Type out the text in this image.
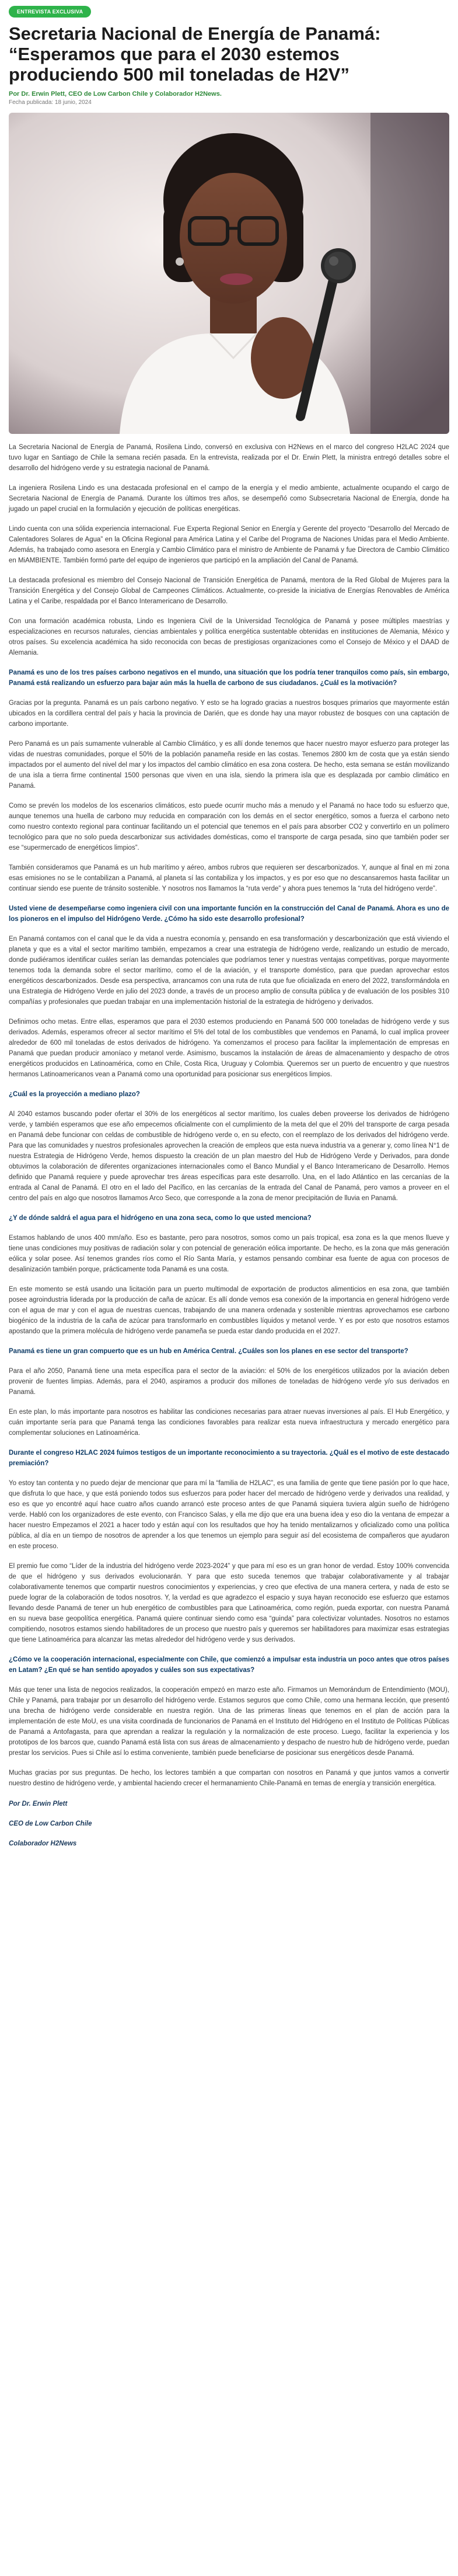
ENTREVISTA EXCLUSIVA
Secretaria Nacional de Energía de Panamá: “Esperamos que para el 2030 estemos produciendo 500 mil toneladas de H2V”
Por Dr. Erwin Plett, CEO de Low Carbon Chile y Colaborador H2News.
Fecha publicada: 18 junio, 2024

La Secretaria Nacional de Energía de Panamá, Rosilena Lindo, conversó en exclusiva con H2News en el marco del congreso H2LAC 2024 que tuvo lugar en Santiago de Chile la semana recién pasada. En la entrevista, realizada por el Dr. Erwin Plett, la ministra entregó detalles sobre el desarrollo del hidrógeno verde y su estrategia nacional de Panamá.

La ingeniera Rosilena Lindo es una destacada profesional en el campo de la energía y el medio ambiente, actualmente ocupando el cargo de Secretaria Nacional de Energía de Panamá. Durante los últimos tres años, se desempeñó como Subsecretaria Nacional de Energía, donde ha jugado un papel crucial en la formulación y ejecución de políticas energéticas.

Lindo cuenta con una sólida experiencia internacional. Fue Experta Regional Senior en Energía y Gerente del proyecto “Desarrollo del Mercado de Calentadores Solares de Agua” en la Oficina Regional para América Latina y el Caribe del Programa de Naciones Unidas para el Medio Ambiente. Además, ha trabajado como asesora en Energía y Cambio Climático para el ministro de Ambiente de Panamá y fue Directora de Cambio Climático en MiAMBIENTE. También formó parte del equipo de ingenieros que participó en la ampliación del Canal de Panamá.

La destacada profesional es miembro del Consejo Nacional de Transición Energética de Panamá, mentora de la Red Global de Mujeres para la Transición Energética y del Consejo Global de Campeones Climáticos. Actualmente, co-preside la iniciativa de Energías Renovables de América Latina y el Caribe, respaldada por el Banco Interamericano de Desarrollo.

Con una formación académica robusta, Lindo es Ingeniera Civil de la Universidad Tecnológica de Panamá y posee múltiples maestrías y especializaciones en recursos naturales, ciencias ambientales y política energética sustentable obtenidas en instituciones de Alemania, México y otros países. Su excelencia académica ha sido reconocida con becas de prestigiosas organizaciones como el Consejo de México y el DAAD de Alemania.

Panamá es uno de los tres países carbono negativos en el mundo, una situación que los podría tener tranquilos como país, sin embargo, Panamá está realizando un esfuerzo para bajar aún más la huella de carbono de sus ciudadanos. ¿Cuál es la motivación?

Gracias por la pregunta. Panamá es un país carbono negativo. Y esto se ha logrado gracias a nuestros bosques primarios que mayormente están ubicados en la cordillera central del país y hacia la provincia de Darién, que es donde hay una mayor robustez de bosques con una captación de carbono importante.

Pero Panamá es un país sumamente vulnerable al Cambio Climático, y es allí donde tenemos que hacer nuestro mayor esfuerzo para proteger las vidas de nuestras comunidades, porque el 50% de la población panameña reside en las costas. Tenemos 2800 km de costa que ya están siendo impactados por el aumento del nivel del mar y los impactos del cambio climático en esa zona costera. De hecho, esta semana se están movilizando de una isla a tierra firme continental 1500 personas que viven en una isla, siendo la primera isla que es desplazada por cambio climático en Panamá.

Como se prevén los modelos de los escenarios climáticos, esto puede ocurrir mucho más a menudo y el Panamá no hace todo su esfuerzo que, aunque tenemos una huella de carbono muy reducida en comparación con los demás en el sector energético, somos a fuerza el carbono neto como nuestro contexto regional para continuar facilitando un el potencial que tenemos en el país para absorber CO2 y convertirlo en un polímero tecnológico para que no solo pueda descarbonizar sus actividades domésticas, como el transporte de carga pesada, sino que también poder ser ese “supermercado de energéticos limpios”.

También consideramos que Panamá es un hub marítimo y aéreo, ambos rubros que requieren ser descarbonizados. Y, aunque al final en mi zona esas emisiones no se le contabilizan a Panamá, al planeta sí las contabiliza y los impactos, y es por eso que no descansaremos hasta facilitar un continuar siendo ese puente de tránsito sostenible. Y nosotros nos llamamos la “ruta verde” y ahora pues tenemos la “ruta del hidrógeno verde”.

Usted viene de desempeñarse como ingeniera civil con una importante función en la construcción del Canal de Panamá. Ahora es uno de los pioneros en el impulso del Hidrógeno Verde. ¿Cómo ha sido este desarrollo profesional?

En Panamá contamos con el canal que le da vida a nuestra economía y, pensando en esa transformación y descarbonización que está viviendo el planeta y que es a vital el sector marítimo también, empezamos a crear una estrategia de hidrógeno verde, realizando un estudio de mercado, donde pudiéramos identificar cuáles serían las demandas potenciales que podríamos tener y nuestras ventajas competitivas, porque mayormente tenemos toda la demanda sobre el sector marítimo, como el de la aviación, y el transporte doméstico, para que puedan aprovechar estos energéticos descarbonizados. Desde esa perspectiva, arrancamos con una ruta de ruta que fue oficializada en enero del 2022, transformándola en una Estrategia de Hidrógeno Verde en julio del 2023 donde, a través de un proceso amplio de consulta pública y de evaluación de los posibles 310 compañías y profesionales que puedan trabajar en una implementación historial de la estrategia de hidrógeno y derivados.

Definimos ocho metas. Entre ellas, esperamos que para el 2030 estemos produciendo en Panamá 500 000 toneladas de hidrógeno verde y sus derivados. Además, esperamos ofrecer al sector marítimo el 5% del total de los combustibles que vendemos en Panamá, lo cual implica proveer alrededor de 600 mil toneladas de estos derivados de hidrógeno. Ya comenzamos el proceso para facilitar la implementación de empresas en Panamá que puedan producir amoníaco y metanol verde. Asimismo, buscamos la instalación de áreas de almacenamiento y despacho de otros energéticos producidos en Latinoamérica, como en Chile, Costa Rica, Uruguay y Colombia. Queremos ser un puerto de encuentro y que nuestros hermanos Latinoamericanos vean a Panamá como una oportunidad para posicionar sus energéticos limpios.

¿Cuál es la proyección a mediano plazo?

Al 2040 estamos buscando poder ofertar el 30% de los energéticos al sector marítimo, los cuales deben proveerse los derivados de hidrógeno verde, y también esperamos que ese año empecemos oficialmente con el cumplimiento de la meta del que el 20% del transporte de carga pesada en Panamá debe funcionar con celdas de combustible de hidrógeno verde o, en su efecto, con el reemplazo de los derivados del hidrógeno verde. Para que las comunidades y nuestros profesionales aprovechen la creación de empleos que esta nueva industria va a generar y, como línea N°1 de nuestra Estrategia de Hidrógeno Verde, hemos dispuesto la creación de un plan maestro del Hub de Hidrógeno Verde y Derivados, para donde obtuvimos la colaboración de diferentes organizaciones internacionales como el Banco Mundial y el Banco Interamericano de Desarrollo. Hemos definido que Panamá requiere y puede aprovechar tres áreas específicas para este desarrollo. Una, en el lado Atlántico en las cercanías de la entrada al Canal de Panamá. El otro en el lado del Pacífico, en las cercanías de la entrada del Canal de Panamá, pero vamos a proveer en el centro del país en algo que nosotros llamamos Arco Seco, que corresponde a la zona de menor precipitación de lluvia en Panamá.

¿Y de dónde saldrá el agua para el hidrógeno en una zona seca, como lo que usted menciona?

Estamos hablando de unos 400 mm/año. Eso es bastante, pero para nosotros, somos como un país tropical, esa zona es la que menos llueve y tiene unas condiciones muy positivas de radiación solar y con potencial de generación eólica importante. De hecho, es la zona que más generación eólica y solar posee. Así tenemos grandes ríos como el Río Santa María, y estamos pensando combinar esa fuente de agua con procesos de desalinización también porque, prácticamente toda Panamá es una costa.

En este momento se está usando una licitación para un puerto multimodal de exportación de productos alimenticios en esa zona, que también posee agroindustria liderada por la producción de caña de azúcar. Es allí donde vemos esa conexión de la importancia en general hidrógeno verde con el agua de mar y con el agua de nuestras cuencas, trabajando de una manera ordenada y sostenible mientras aprovechamos ese carbono biogénico de la industria de la caña de azúcar para transformarlo en combustibles líquidos y metanol verde. Y es por esto que nosotros estamos apostando que la primera molécula de hidrógeno verde panameña se pueda estar dando producida en el 2027.

Panamá es tiene un gran compuerto que es un hub en América Central. ¿Cuáles son los planes en ese sector del transporte?

Para el año 2050, Panamá tiene una meta específica para el sector de la aviación: el 50% de los energéticos utilizados por la aviación deben provenir de fuentes limpias. Además, para el 2040, aspiramos a producir dos millones de toneladas de hidrógeno verde y/o sus derivados en Panamá.

En este plan, lo más importante para nosotros es habilitar las condiciones necesarias para atraer nuevas inversiones al país. El Hub Energético, y cuán importante sería para que Panamá tenga las condiciones favorables para realizar esta nueva infraestructura y mercado energético para complementar soluciones en Latinoamérica.

Durante el congreso H2LAC 2024 fuimos testigos de un importante reconocimiento a su trayectoria. ¿Quál es el motivo de este destacado premiación?

Yo estoy tan contenta y no puedo dejar de mencionar que para mí la “familia de H2LAC”, es una familia de gente que tiene pasión por lo que hace, que disfruta lo que hace, y que está poniendo todos sus esfuerzos para poder hacer del mercado de hidrógeno verde y derivados una realidad, y eso es que yo encontré aquí hace cuatro años cuando arrancó este proceso antes de que Panamá siquiera tuviera algún sueño de hidrógeno verde. Habló con los organizadores de este evento, con Francisco Salas, y ella me dijo que era una buena idea y eso dio la ventana de empezar a hacer nuestro Empezamos el 2021 a hacer todo y están aquí con los resultados que hoy ha tenido mentalizarnos y oficializado como una política pública, al día en un tiempo de nosotros de aprender a los que tenemos un ejemplo para seguir así del ecosistema de compañeros que ayudaron en este proceso.

El premio fue como “Líder de la industria del hidrógeno verde 2023-2024” y que para mí eso es un gran honor de verdad. Estoy 100% convencida de que el hidrógeno y sus derivados evolucionarán. Y para que esto suceda tenemos que trabajar colaborativamente y al trabajar colaborativamente tenemos que compartir nuestros conocimientos y experiencias, y creo que efectiva de una manera certera, y nada de esto se puede lograr de la colaboración de todos nosotros. Y, la verdad es que agradezco el espacio y suya hayan reconocido ese esfuerzo que estamos llevando desde Panamá de tener un hub energético de combustibles para que Latinoamérica, como región, pueda exportar, con nuestra Panamá en su nueva base geopolítica energética. Panamá quiere continuar siendo como esa “guinda” para colectivizar voluntades. Nosotros no estamos compitiendo, nosotros estamos siendo habilitadores de un proceso que nuestro país y queremos ser habilitadores para maximizar esas estrategias que tiene Latinoamérica para alcanzar las metas alrededor del hidrógeno verde y sus derivados.

¿Cómo ve la cooperación internacional, especialmente con Chile, que comienzó a impulsar esta industria un poco antes que otros países en Latam? ¿En qué se han sentido apoyados y cuáles son sus expectativas?

Más que tener una lista de negocios realizados, la cooperación empezó en marzo este año. Firmamos un Memorándum de Entendimiento (MOU), Chile y Panamá, para trabajar por un desarrollo del hidrógeno verde. Estamos seguros que como Chile, como una hermana lección, que presentó una brecha de hidrógeno verde considerable en nuestra región. Una de las primeras líneas que tenemos en el plan de acción para la implementación de este MoU, es una visita coordinada de funcionarios de Panamá en el Instituto del Hidrógeno en el Instituto de Políticas Públicas de Panamá a Antofagasta, para que aprendan a realizar la regulación y la normalización de este proceso. Luego, facilitar la experiencia y los prototipos de los barcos que, cuando Panamá está lista con sus áreas de almacenamiento y despacho de nuestro hub de hidrógeno verde, puedan prestar los servicios. Pues si Chile así lo estima conveniente, también puede beneficiarse de posicionar sus energéticos desde Panamá.

Muchas gracias por sus preguntas. De hecho, los lectores también a que compartan con nosotros en Panamá y que juntos vamos a convertir nuestro destino de hidrógeno verde, y ambiental haciendo crecer el hermanamiento Chile-Panamá en temas de energía y transición energética.

Por Dr. Erwin Plett
CEO de Low Carbon Chile
Colaborador H2News
